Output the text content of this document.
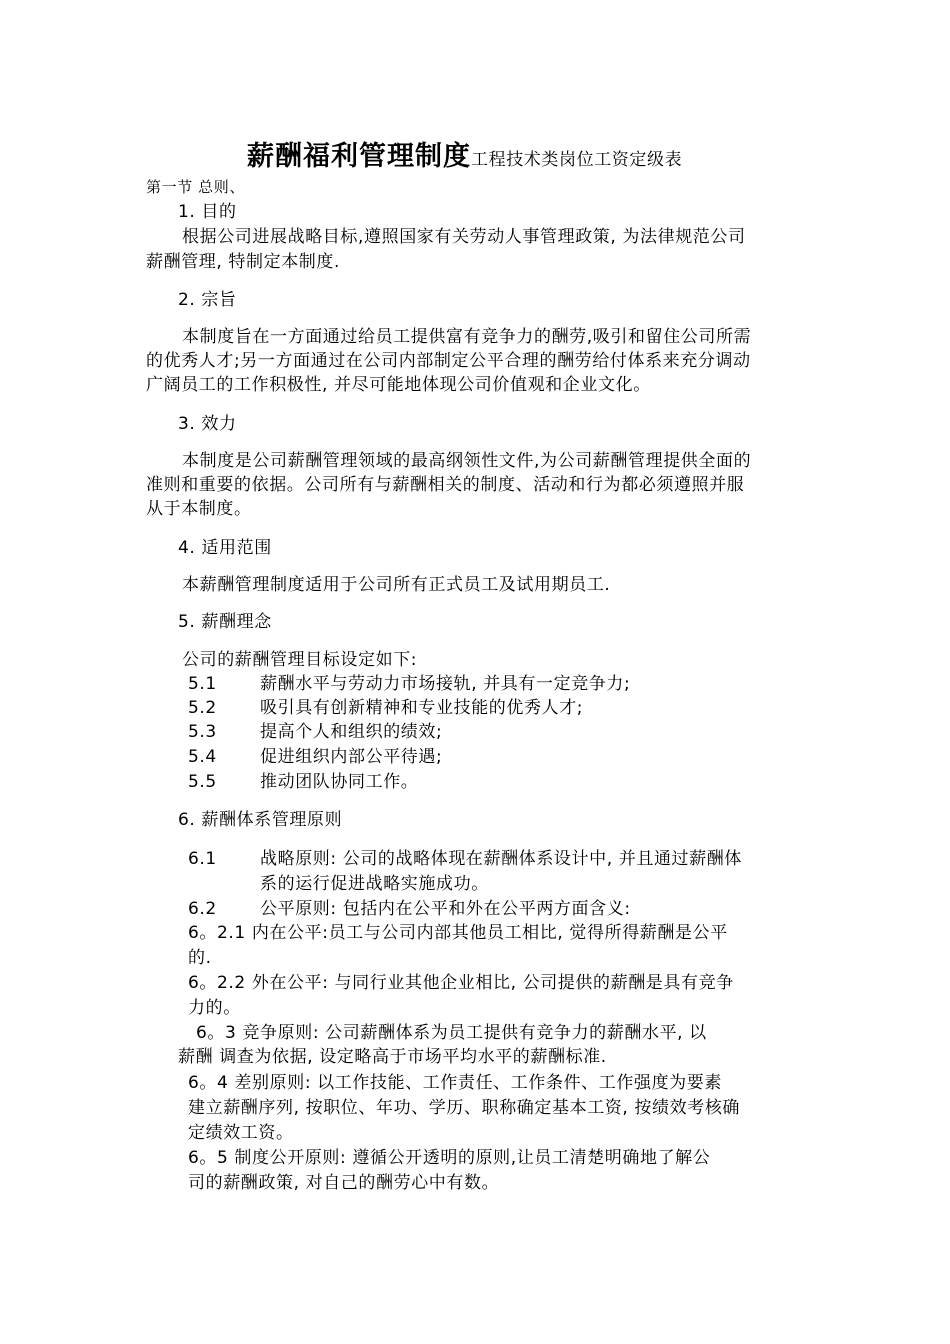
薪酬福利管理制度工程技术类岗位工资定级表
第一节 总则、
1. 目的
根据公司进展战略目标,遵照国家有关劳动人事管理政策, 为法律规范公司
薪酬管理, 特制定本制度.
2. 宗旨
本制度旨在一方面通过给员工提供富有竞争力的酬劳,吸引和留住公司所需
的优秀人才;另一方面通过在公司内部制定公平合理的酬劳给付体系来充分调动
广阔员工的工作积极性, 并尽可能地体现公司价值观和企业文化。
3. 效力
本制度是公司薪酬管理领域的最高纲领性文件,为公司薪酬管理提供全面的
准则和重要的依据。公司所有与薪酬相关的制度、活动和行为都必须遵照并服
从于本制度。
4. 适用范围
本薪酬管理制度适用于公司所有正式员工及试用期员工.
5. 薪酬理念
公司的薪酬管理目标设定如下:
5.1	薪酬水平与劳动力市场接轨, 并具有一定竞争力;
5.2	吸引具有创新精神和专业技能的优秀人才;
5.3	提高个人和组织的绩效;
5.4	促进组织内部公平待遇;
5.5	推动团队协同工作。
6. 薪酬体系管理原则
6.1	战略原则: 公司的战略体现在薪酬体系设计中, 并且通过薪酬体
系的运行促进战略实施成功。
6.2	公平原则: 包括内在公平和外在公平两方面含义:
6。2.1 内在公平:员工与公司内部其他员工相比, 觉得所得薪酬是公平
的.
6。2.2 外在公平: 与同行业其他企业相比, 公司提供的薪酬是具有竞争
力的。
6。3 竞争原则: 公司薪酬体系为员工提供有竞争力的薪酬水平, 以
薪酬 调查为依据, 设定略高于市场平均水平的薪酬标准.
6。4 差别原则: 以工作技能、工作责任、工作条件、工作强度为要素
建立薪酬序列, 按职位、年功、学历、职称确定基本工资, 按绩效考核确
定绩效工资。
6。5 制度公开原则: 遵循公开透明的原则,让员工清楚明确地了解公
司的薪酬政策, 对自己的酬劳心中有数。
